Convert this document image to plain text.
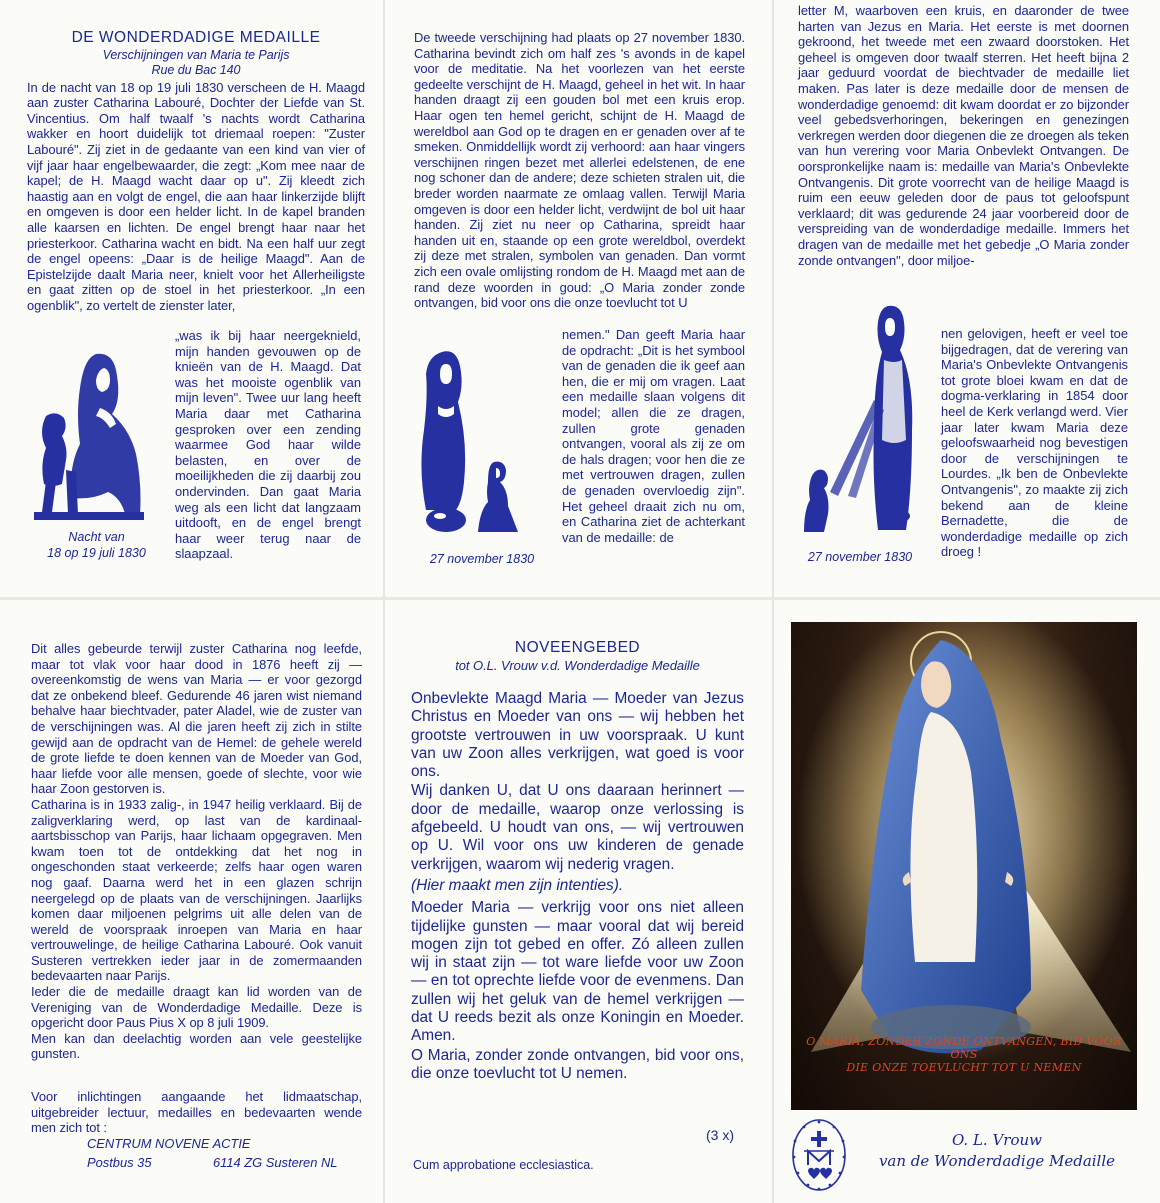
DE WONDERDADIGE MEDAILLE

Verschijningen van Maria te Parijs

Rue du Bac 140

In de nacht van 18 op 19 juli 1830 verscheen de H. Maagd aan zuster Catharina Labouré, Dochter der Liefde van St. Vincentius. Om half twaalf 's nachts wordt Catharina wakker en hoort duidelijk tot driemaal roepen: "Zuster Labouré". Zij ziet in de gedaante van een kind van vier of vijf jaar haar engelbewaarder, die zegt: „Kom mee naar de kapel; de H. Maagd wacht daar op u". Zij kleedt zich haastig aan en volgt de engel, die aan haar linkerzijde blijft en omgeven is door een helder licht. In de kapel branden alle kaarsen en lichten. De engel brengt haar naar het priesterkoor. Catharina wacht en bidt. Na een half uur zegt de engel opeens: „Daar is de heilige Maagd". Aan de Epistelzijde daalt Maria neer, knielt voor het Allerheiligste en gaat zitten op de stoel in het priesterkoor. „In een ogenblik", zo vertelt de zienster later,

„was ik bij haar neergeknield, mijn handen gevouwen op de knieën van de H. Maagd. Dat was het mooiste ogenblik van mijn leven". Twee uur lang heeft Maria daar met Catharina gesproken over een zending waarmee God haar wilde belasten, en over de moeilijkheden die zij daarbij zou ondervinden. Dan gaat Maria weg als een licht dat langzaam uitdooft, en de engel brengt haar weer terug naar de slaapzaal.
Nacht van
18 op 19 juli 1830
De tweede verschijning had plaats op 27 november 1830. Catharina bevindt zich om half zes 's avonds in de kapel voor de meditatie. Na het voorlezen van het eerste gedeelte verschijnt de H. Maagd, geheel in het wit. In haar handen draagt zij een gouden bol met een kruis erop. Haar ogen ten hemel gericht, schijnt de H. Maagd de wereldbol aan God op te dragen en er genaden over af te smeken. Onmiddellijk wordt zij verhoord: aan haar vingers verschijnen ringen bezet met allerlei edelstenen, de ene nog schoner dan de andere; deze schieten stralen uit, die breder worden naarmate ze omlaag vallen. Terwijl Maria omgeven is door een helder licht, verdwijnt de bol uit haar handen. Zij ziet nu neer op Catharina, spreidt haar handen uit en, staande op een grote wereldbol, overdekt zij deze met stralen, symbolen van genaden. Dan vormt zich een ovale omlijsting rondom de H. Maagd met aan de rand deze woorden in goud: „O Maria zonder zonde ontvangen, bid voor ons die onze toevlucht tot U
nemen." Dan geeft Maria haar de opdracht: „Dit is het symbool van de genaden die ik geef aan hen, die er mij om vragen. Laat een medaille slaan volgens dit model; allen die ze dragen, zullen grote genaden ontvangen, vooral als zij ze om de hals dragen; voor hen die ze met vertrouwen dragen, zullen de genaden overvloedig zijn". Het geheel draait zich nu om, en Catharina ziet de achterkant van de medaille: de
27 november 1830
letter M, waarboven een kruis, en daaronder de twee harten van Jezus en Maria. Het eerste is met doornen gekroond, het tweede met een zwaard doorstoken. Het geheel is omgeven door twaalf sterren. Het heeft bijna 2 jaar geduurd voordat de biechtvader de medaille liet maken. Pas later is deze medaille door de mensen de wonderdadige genoemd: dit kwam doordat er zo bijzonder veel gebedsverhoringen, bekeringen en genezingen verkregen werden door diegenen die ze droegen als teken van hun verering voor Maria Onbevlekt Ontvangen. De oorspronkelijke naam is: medaille van Maria's Onbevlekte Ontvangenis. Dit grote voorrecht van de heilige Maagd is ruim een eeuw geleden door de paus tot geloofspunt verklaard; dit was gedurende 24 jaar voorbereid door de verspreiding van de wonderdadige medaille. Immers het dragen van de medaille met het gebedje „O Maria zonder zonde ontvangen", door miljoe-
nen gelovigen, heeft er veel toe bijgedragen, dat de verering van Maria's Onbevlekte Ontvangenis tot grote bloei kwam en dat de dogma-verklaring in 1854 door heel de Kerk verlangd werd. Vier jaar later kwam Maria deze geloofswaarheid nog bevestigen door de verschijningen te Lourdes. „Ik ben de Onbevlekte Ontvangenis", zo maakte zij zich bekend aan de kleine Bernadette, die de wonderdadige medaille op zich droeg !
27 november 1830

Dit alles gebeurde terwijl zuster Catharina nog leefde, maar tot vlak voor haar dood in 1876 heeft zij — overeenkomstig de wens van Maria — er voor gezorgd dat ze onbekend bleef. Gedurende 46 jaren wist niemand behalve haar biechtvader, pater Aladel, wie de zuster van de verschijningen was. Al die jaren heeft zij zich in stilte gewijd aan de opdracht van de Hemel: de gehele wereld de grote liefde te doen kennen van de Moeder van God, haar liefde voor alle mensen, goede of slechte, voor wie haar Zoon gestorven is.

Catharina is in 1933 zalig-, in 1947 heilig verklaard. Bij de zaligverklaring werd, op last van de kardinaal-aartsbisschop van Parijs, haar lichaam opgegraven. Men kwam toen tot de ontdekking dat het nog in ongeschonden staat verkeerde; zelfs haar ogen waren nog gaaf. Daarna werd het in een glazen schrijn neergelegd op de plaats van de verschijningen. Jaarlijks komen daar miljoenen pelgrims uit alle delen van de wereld de voorspraak inroepen van Maria en haar vertrouwelinge, de heilige Catharina Labouré. Ook vanuit Susteren vertrekken ieder jaar in de zomermaanden bedevaarten naar Parijs.

Ieder die de medaille draagt kan lid worden van de Vereniging van de Wonderdadige Medaille. Deze is opgericht door Paus Pius X op 8 juli 1909.

Men kan dan deelachtig worden aan vele geestelijke gunsten.

Voor inlichtingen aangaande het lidmaatschap, uitgebreider lectuur, medailles en bedevaarten wende men zich tot :

CENTRUM NOVENE ACTIE
Postbus 35	6114 ZG Susteren NL

NOVEENGEBED

tot O.L. Vrouw v.d. Wonderdadige Medaille

Onbevlekte Maagd Maria — Moeder van Jezus Christus en Moeder van ons — wij hebben het grootste vertrouwen in uw voorspraak. U kunt van uw Zoon alles verkrijgen, wat goed is voor ons.

Wij danken U, dat U ons daaraan herinnert — door de medaille, waarop onze verlossing is afgebeeld. U houdt van ons, — wij vertrouwen op U. Wil voor ons uw kinderen de genade verkrijgen, waarom wij nederig vragen.

(Hier maakt men zijn intenties).

Moeder Maria — verkrijg voor ons niet alleen tijdelijke gunsten — maar vooral dat wij bereid mogen zijn tot gebed en offer. Zó alleen zullen wij in staat zijn — tot ware liefde voor uw Zoon — en tot oprechte liefde voor de evenmens. Dan zullen wij het geluk van de hemel verkrijgen — dat U reeds bezit als onze Koningin en Moeder. Amen.

O Maria, zonder zonde ontvangen, bid voor ons, die onze toevlucht tot U nemen.

(3 x)
Cum approbatione ecclesiastica.
O MARIA, ZONDER ZONDE ONTVANGEN, BID VOOR ONS
DIE ONZE TOEVLUCHT TOT U NEMEN
O. L. Vrouw
van de Wonderdadige Medaille
